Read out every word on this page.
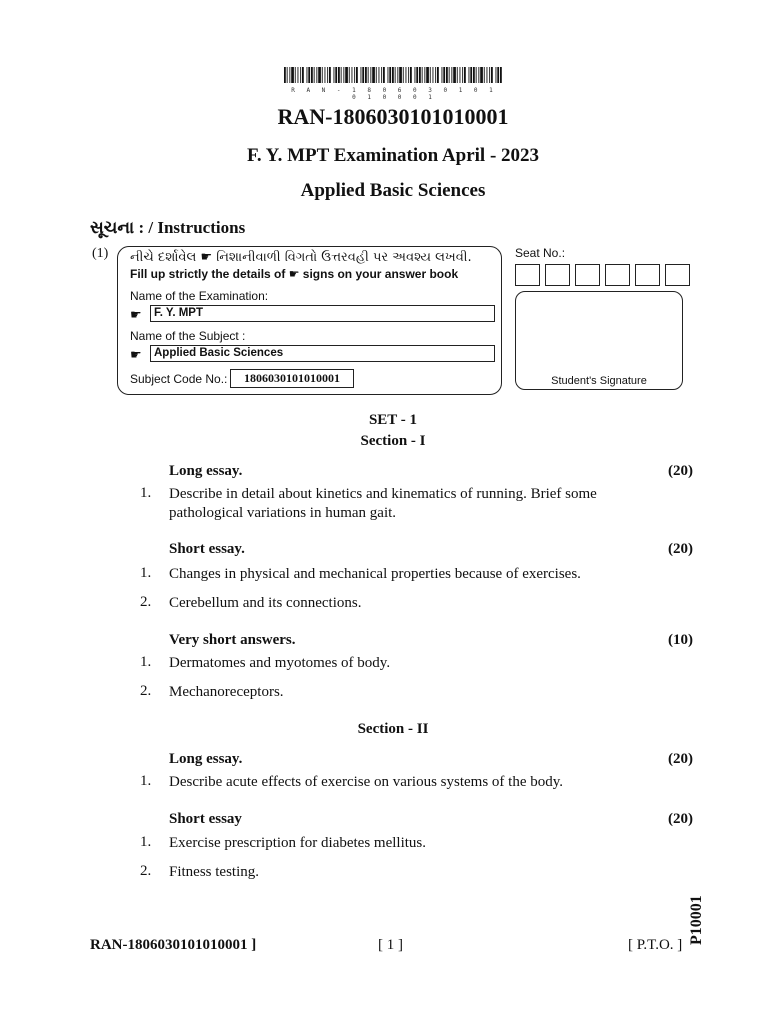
R A N - 1 8 0 6 0 3 0 1 0 1 0 1 0 0 0 1
RAN-1806030101010001
F. Y. MPT Examination April - 2023
Applied Basic Sciences
સૂચના : / Instructions
(1) નીચે દર્શાવેલ ☛ નિશાનીવાળી વિગતો ઉત્તરવહી પર અવશ્ય લખવી.
Fill up strictly the details of ☛ signs on your answer book
Name of the Examination:
☛	F. Y. MPT
Name of the Subject :
☛	Applied Basic Sciences
Subject Code No.:	1806030101010001
Seat No.:
Student's Signature
SET - 1
Section - I
Long essay.	(20)
1. Describe in detail about kinetics and kinematics of running. Brief some pathological variations in human gait.
Short essay.	(20)
1. Changes in physical and mechanical properties because of exercises.
2. Cerebellum and its connections.
Very short answers.	(10)
1. Dermatomes and myotomes of body.
2. Mechanoreceptors.
Section - II
Long essay.	(20)
1. Describe acute effects of exercise on various systems of the body.
Short essay	(20)
1. Exercise prescription for diabetes mellitus.
2. Fitness testing.
RAN-1806030101010001 ]	[ 1 ]	[ P.T.O. ] P10001
